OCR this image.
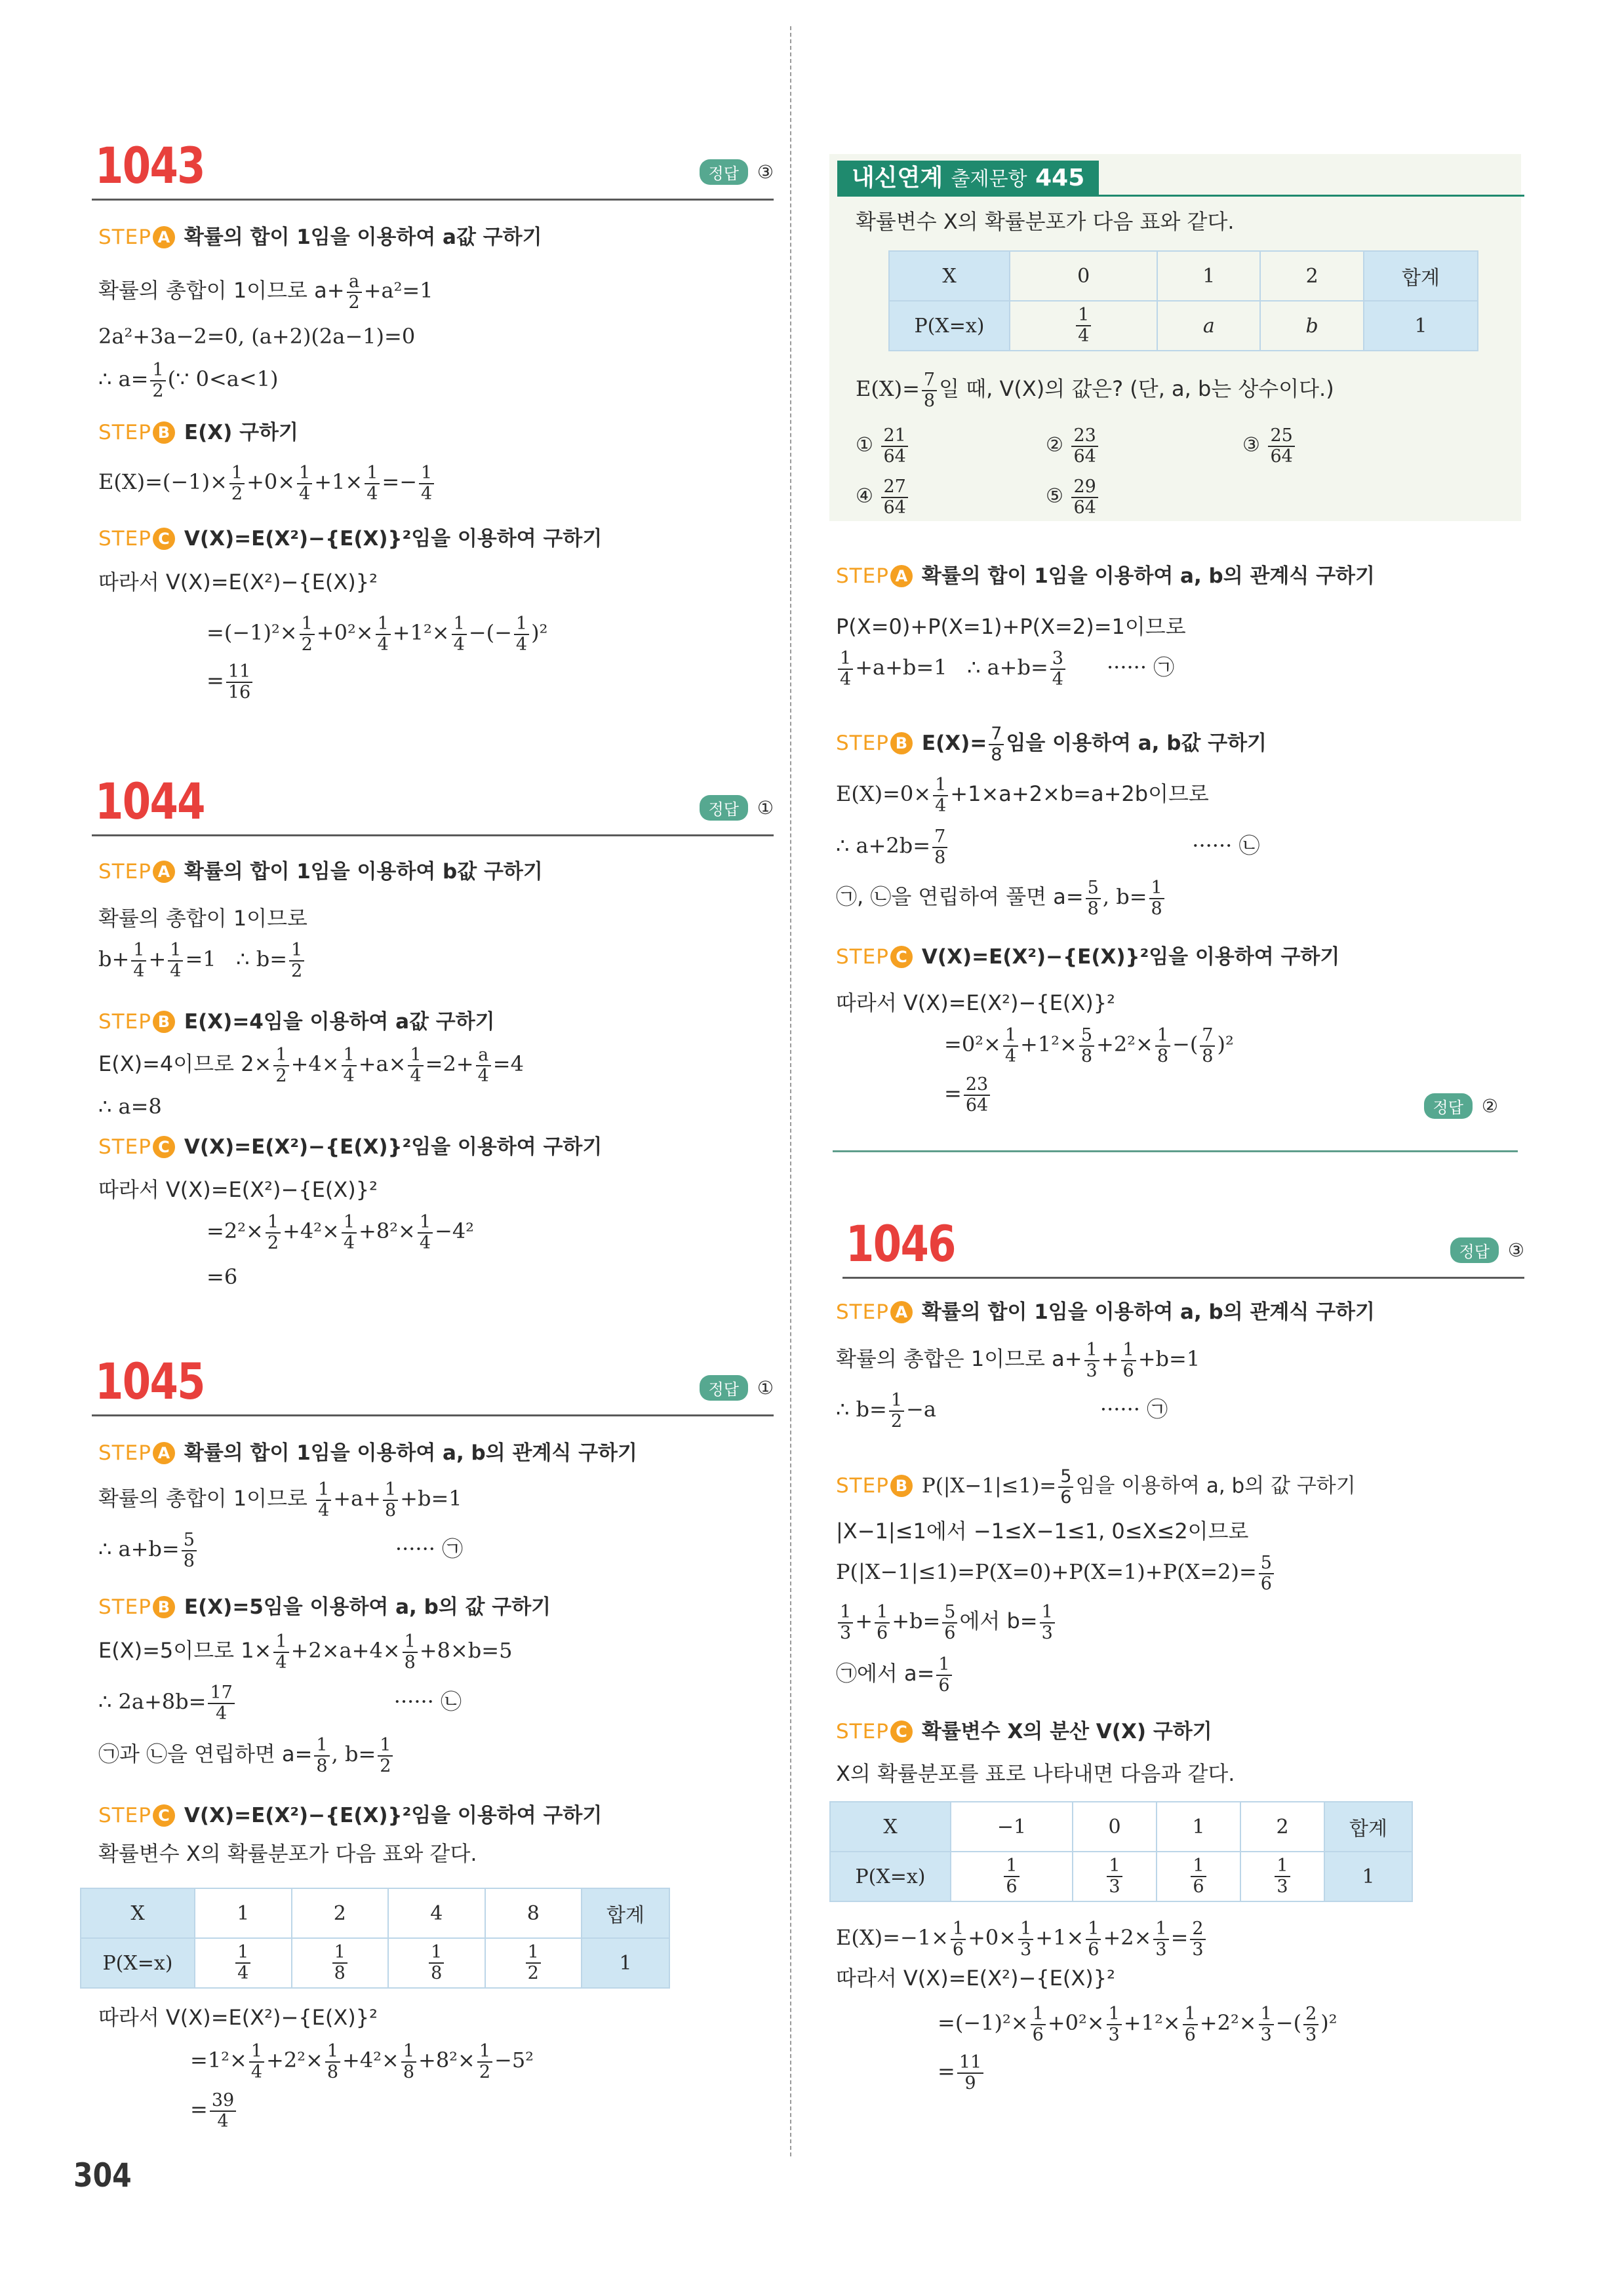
1043	정답	③
STEP A 확률의 합이 1임을 이용하여 a값 구하기
확률의 총합이 1이므로 $a+ \frac{a}{2} +a^2=1$
2a²+3a−2=0, (a+2)(2a−1)=0
∴ $a= \frac{1}{2}$ (∵ 0<a<1)
STEP B E(X) 구하기
$E(X)=(-1)\times \frac{1}{2} +0\times \frac{1}{4} +1\times \frac{1}{4} =- \frac{1}{4}$
STEP C V(X)=E(X²)−{E(X)}²임을 이용하여 구하기
따라서 V(X)=E(X²)−{E(X)}²
$=(-1)^2\times \frac{1}{2} +0^2\times \frac{1}{4} +1^2\times \frac{1}{4}$ −(− $\frac{1}{4} )^2$
= $\frac{11}{16}$
1044	정답	①
STEP A 확률의 합이 1임을 이용하여 b값 구하기
확률의 총합이 1이므로
$b+ \frac{1}{4} + \frac{1}{4} =1$ ∴ $b= \frac{1}{2}$
STEP B E(X)=4임을 이용하여 a값 구하기
E(X)=4이므로 $2\times \frac{1}{2} +4\times \frac{1}{4} +a\times \frac{1}{4} =2+ \frac{a}{4} =4$
∴ a=8
STEP C V(X)=E(X²)−{E(X)}²임을 이용하여 구하기
따라서 V(X)=E(X²)−{E(X)}²
$=2^2\times \frac{1}{2} +4^2\times \frac{1}{4} +8^2\times \frac{1}{4} -4^2$
=6
1045	정답	①
STEP A 확률의 합이 1임을 이용하여 a, b의 관계식 구하기
확률의 총합이 1이므로 $\frac{1}{4} +a+ \frac{1}{8} +b=1$
∴ $a+b= \frac{5}{8}$	······ ㉠
STEP B E(X)=5임을 이용하여 a, b의 값 구하기
E(X)=5이므로 $1\times \frac{1}{4} +2\times a+4\times \frac{1}{8} +8\times b=5$
∴ $2a+8b= \frac{17}{4}$	······ ㉡
㉠과 ㉡을 연립하면 $a= \frac{1}{8}$ , $b= \frac{1}{2}$
STEP C V(X)=E(X²)−{E(X)}²임을 이용하여 구하기
확률변수 X의 확률분포가 다음 표와 같다.
X	1	2	4	8	합계
P(X=x)	$\frac{1}{4}$	$\frac{1}{8}$	$\frac{1}{8}$	$\frac{1}{2}$	1
따라서 V(X)=E(X²)−{E(X)}²
$=1^2\times \frac{1}{4} +2^2\times \frac{1}{8} +4^2\times \frac{1}{8} +8^2\times \frac{1}{2} -5^2$
= $\frac{39}{4}$
내신연계 출제문항 445
확률변수 X의 확률분포가 다음 표와 같다.
X	0	1	2	합계
P(X=x)	$\frac{1}{4}$	a	b	1
$E(X)= \frac{7}{8}$ 일 때, V(X)의 값은? (단, a, b는 상수이다.)
① $\frac{21}{64}$	② $\frac{23}{64}$	③ $\frac{25}{64}$
④ $\frac{27}{64}$	⑤ $\frac{29}{64}$
STEP A 확률의 합이 1임을 이용하여 a, b의 관계식 구하기
P(X=0)+P(X=1)+P(X=2)=1이므로
$\frac{1}{4} +a+b=1$ ∴ $a+b= \frac{3}{4}$ ······ ㉠
STEP B $E(X)= \frac{7}{8}$ 임을 이용하여 a, b값 구하기
$E(X)=0\times \frac{1}{4} +1\times a+2\times b=a+2b$이므로
∴ $a+2b= \frac{7}{8}$	······ ㉡
㉠, ㉡을 연립하여 풀면 $a= \frac{5}{8}$ , $b= \frac{1}{8}$
STEP C V(X)=E(X²)−{E(X)}²임을 이용하여 구하기
따라서 V(X)=E(X²)−{E(X)}²
$=0^2\times \frac{1}{4} +1^2\times \frac{5}{8} +2^2\times \frac{1}{8}$ −( $\frac{7}{8} )^2$
= $\frac{23}{64}$	정답	②
1046	정답	③
STEP A 확률의 합이 1임을 이용하여 a, b의 관계식 구하기
확률의 총합은 1이므로 $a+ \frac{1}{3} + \frac{1}{6} +b=1$
∴ $b= \frac{1}{2} -a$	······ ㉠
STEP B $P(|X-1|\le 1)= \frac{5}{6}$ 임을 이용하여 a, b의 값 구하기
|X−1|≤1에서 −1≤X−1≤1, 0≤X≤2이므로
$P(|X-1|\le 1)=P(X=0)+P(X=1)+P(X=2)= \frac{5}{6}$
$\frac{1}{3} + \frac{1}{6} +b= \frac{5}{6}$ 에서 $b= \frac{1}{3}$
㉠에서 $a= \frac{1}{6}$
STEP C 확률변수 X의 분산 V(X) 구하기
X의 확률분포를 표로 나타내면 다음과 같다.
X	−1	0	1	2	합계
P(X=x)	$\frac{1}{6}$	$\frac{1}{3}$	$\frac{1}{6}$	$\frac{1}{3}$	1
$E(X)=-1\times \frac{1}{6} +0\times \frac{1}{3} +1\times \frac{1}{6} +2\times \frac{1}{3} = \frac{2}{3}$
따라서 V(X)=E(X²)−{E(X)}²
$=(-1)^2\times \frac{1}{6} +0^2\times \frac{1}{3} +1^2\times \frac{1}{6} +2^2\times \frac{1}{3}$ −( $\frac{2}{3} )^2$
= $\frac{11}{9}$
304
